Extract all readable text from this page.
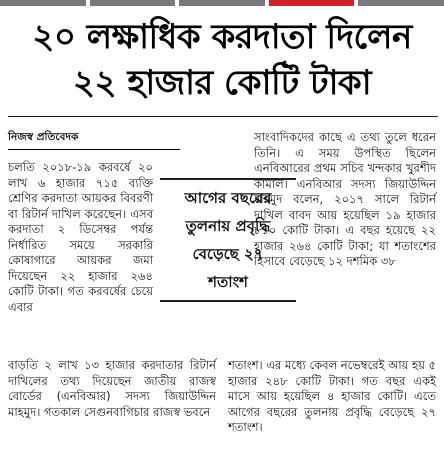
২০ লক্ষাধিক করদাতা দিলেন
২২ হাজার কোটি টাকা
নিজস্ব প্রতিবেদক

চলতি ২০১৮-১৯ করবর্ষে ২০ লাখ ৬ হাজার ৭১৫ ব্যক্তি শ্রেণির করদাতা আয়কর বিবরণী বা রিটার্ন দাখিল করেছেন। এসব করদাতা ২ ডিসেম্বর পর্যন্ত নির্ধারিত সময়ে সরকারি কোষাগারে আয়কর জমা দিয়েছেন ২২ হাজার ২৬৪ কোটি টাকা। গত করবর্ষের চেয়ে এবার

আগের বছরের
তুলনায় প্রবৃদ্ধি
বেড়েছে ২৭
শতাংশ

সাংবাদিকদের কাছে এ তথ্য তুলে ধরেন তিনি। এ সময় উপস্থিত ছিলেন এনবিআরের প্রথম সচিব খন্দকার খুরশীদ কামাল। এনবিআর সদস্য জিয়াউদ্দিন মাহমুদ বলেন, ২০১৭ সালে রিটার্ন দাখিল বাবদ আয় হয়েছিল ১৯ হাজার ৮১০ কোটি টাকা। এ বছর হয়েছে ২২ হাজার ২৬৪ কোটি টাকা; যা শতাংশের হিসাবে বেড়েছে ১২ দশমিক ৩৮

বাড়তি ২ লাখ ১৩ হাজার করদাতার রিটার্ন দাখিলের তথ্য দিয়েছেন জাতীয় রাজস্ব বোর্ডের (এনবিআর) সদস্য জিয়াউদ্দিন মাহমুদ। গতকাল সেগুনবাগিচার রাজস্ব ভবনে

শতাংশ। এর মধ্যে কেবল নভেম্বরেই আয় হয় ৫ হাজার ২৪৮ কোটি টাকা। গত বছর একই মাসে আয় হয়েছিল ৪ হাজার কোটি। এতে আগের বছরের তুলনায় প্রবৃদ্ধি বেড়েছে ২৭ শতাংশ।
